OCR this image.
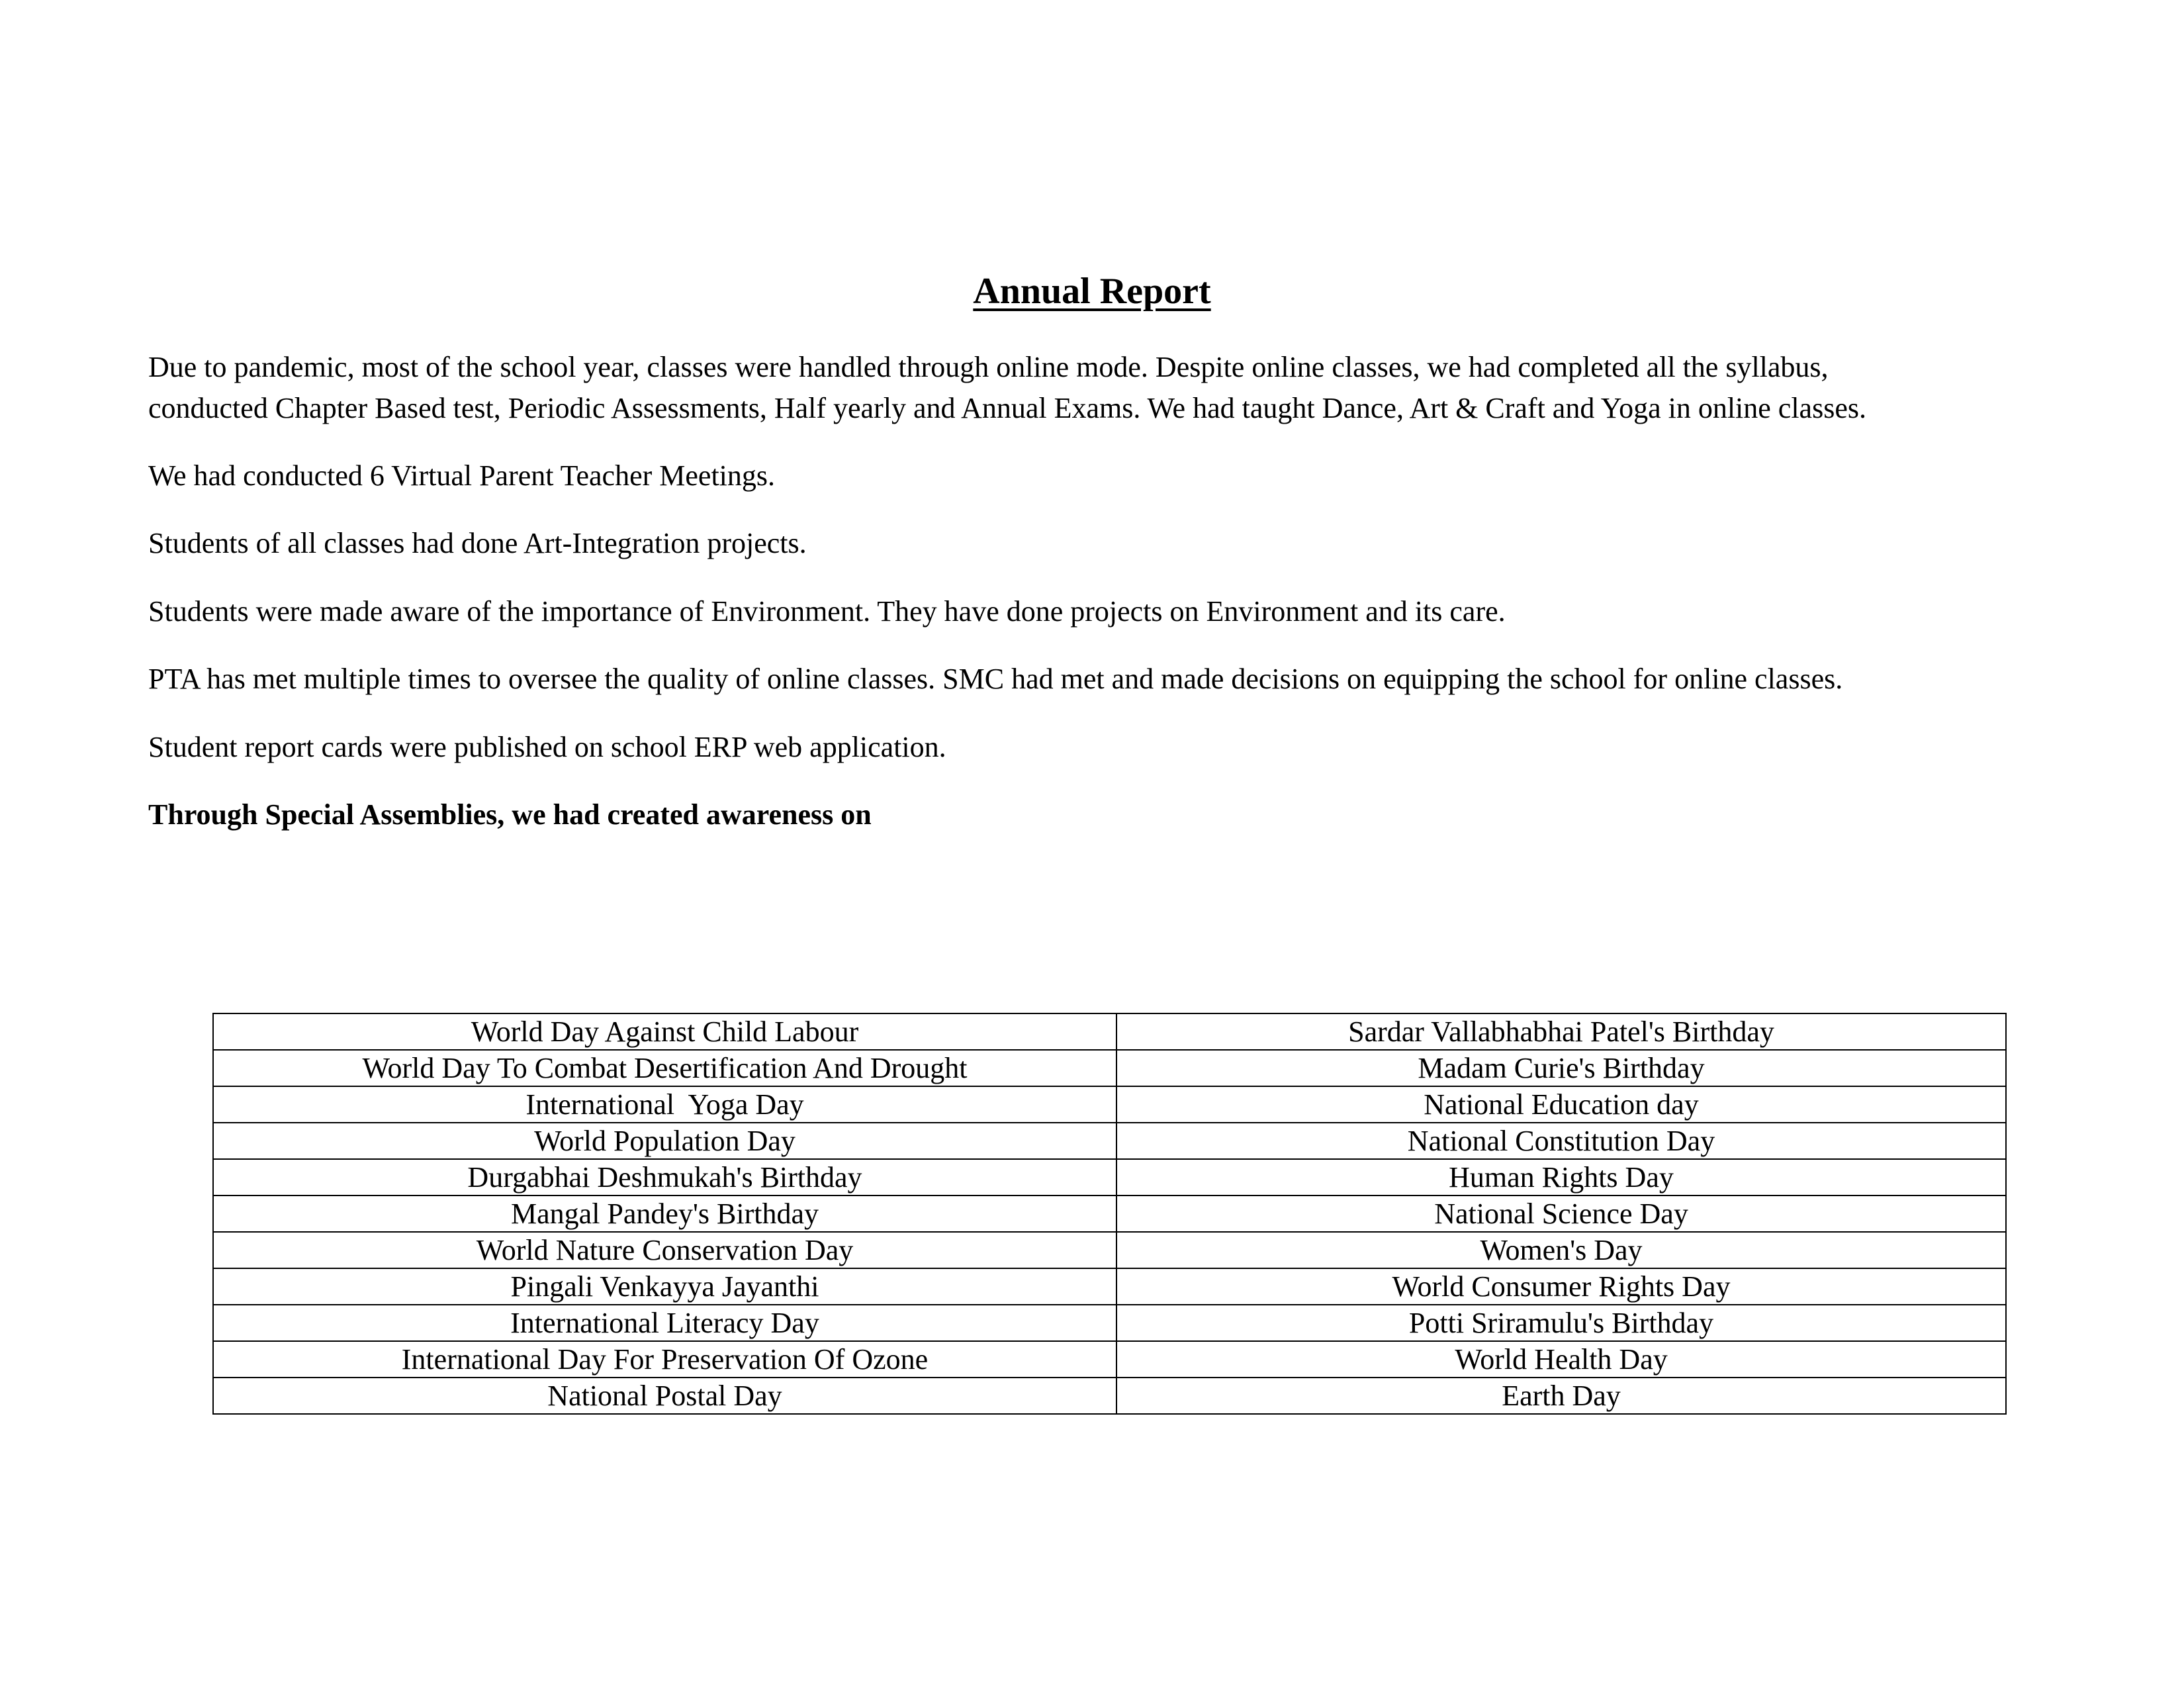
Annual Report

Due to pandemic, most of the school year, classes were handled through online mode. Despite online classes, we had completed all the syllabus,
conducted Chapter Based test, Periodic Assessments, Half yearly and Annual Exams. We had taught Dance, Art & Craft and Yoga in online classes.

We had conducted 6 Virtual Parent Teacher Meetings.

Students of all classes had done Art-Integration projects.

Students were made aware of the importance of Environment. They have done projects on Environment and its care.

PTA has met multiple times to oversee the quality of online classes. SMC had met and made decisions on equipping the school for online classes.

Student report cards were published on school ERP web application.

Through Special Assemblies, we had created awareness on

World Day Against Child Labour	Sardar Vallabhabhai Patel's Birthday
World Day To Combat Desertification And Drought	Madam Curie's Birthday
International  Yoga Day	National Education day
World Population Day	National Constitution Day
Durgabhai Deshmukah's Birthday	Human Rights Day
Mangal Pandey's Birthday	National Science Day
World Nature Conservation Day	Women's Day
Pingali Venkayya Jayanthi	World Consumer Rights Day
International Literacy Day	Potti Sriramulu's Birthday
International Day For Preservation Of Ozone	World Health Day
National Postal Day	Earth Day
